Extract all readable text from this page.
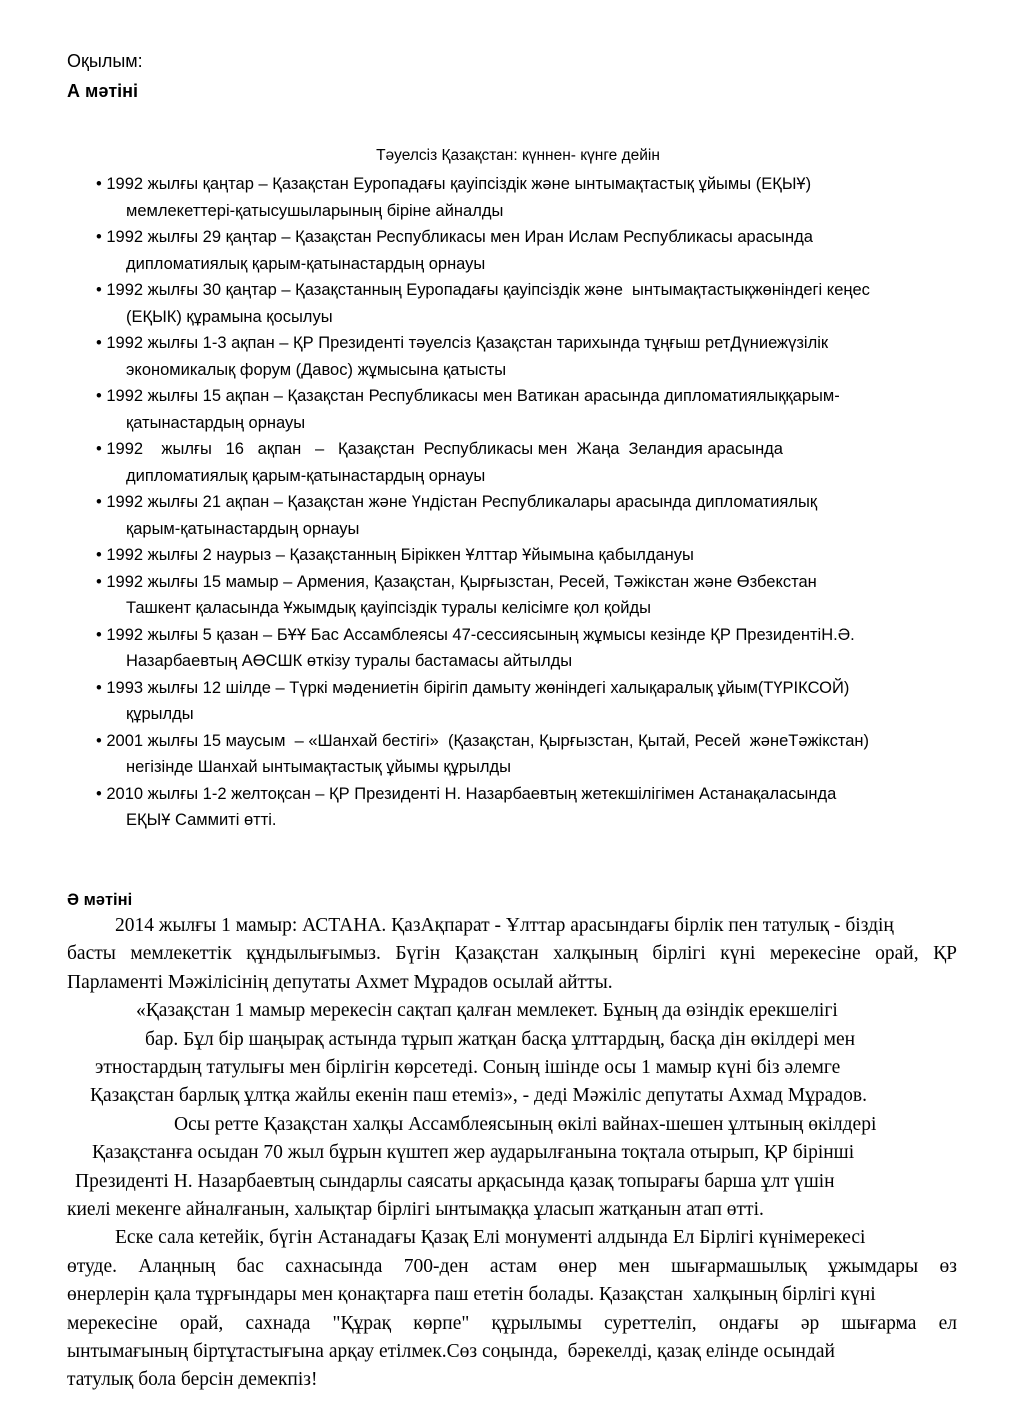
Оқылым:
А мәтіні
Тәуелсіз Қазақстан: күннен- күнге дейін
• 1992 жылғы қаңтар – Қазақстан Еуропадағы қауіпсіздік және ынтымақтастық ұйымы (ЕҚЫҰ)
мемлекеттері-қатысушыларының біріне айналды
• 1992 жылғы 29 қаңтар – Қазақстан Республикасы мен Иран Ислам Республикасы арасында
дипломатиялық қарым-қатынастардың орнауы
• 1992 жылғы 30 қаңтар – Қазақстанның Еуропадағы қауіпсіздік және  ынтымақтастықжөніндегі кеңес
(ЕҚЫК) құрамына қосылуы
• 1992 жылғы 1-3 ақпан – ҚР Президенті тәуелсіз Қазақстан тарихында тұңғыш ретДүниежүзілік
экономикалық форум (Давос) жұмысына қатысты
• 1992 жылғы 15 ақпан – Қазақстан Республикасы мен Ватикан арасында дипломатиялыққарым-
қатынастардың орнауы
• 1992    жылғы   16   ақпан   –   Қазақстан  Республикасы мен  Жаңа  Зеландия арасында
дипломатиялық қарым-қатынастардың орнауы
• 1992 жылғы 21 ақпан – Қазақстан және Үндістан Республикалары арасында дипломатиялық
қарым-қатынастардың орнауы
• 1992 жылғы 2 наурыз – Қазақстанның Біріккен Ұлттар Ұйымына қабылдануы
• 1992 жылғы 15 мамыр – Армения, Қазақстан, Қырғызстан, Ресей, Тәжікстан және Өзбекстан
Ташкент қаласында Ұжымдық қауіпсіздік туралы келісімге қол қойды
• 1992 жылғы 5 қазан – БҰҰ Бас Ассамблеясы 47-сессиясының жұмысы кезінде ҚР ПрезидентіН.Ә.
Назарбаевтың АӨСШК өткізу туралы бастамасы айтылды
• 1993 жылғы 12 шілде – Түркі мәдениетін бірігіп дамыту жөніндегі халықаралық ұйым(ТҮРІКСОЙ)
құрылды
• 2001 жылғы 15 маусым  – «Шанхай бестігі»  (Қазақстан, Қырғызстан, Қытай, Ресей  жәнеТәжікстан)
негізінде Шанхай ынтымақтастық ұйымы құрылды
• 2010 жылғы 1-2 желтоқсан – ҚР Президенті Н. Назарбаевтың жетекшілігімен Астанақаласында
ЕҚЫҰ Саммиті өтті.
Ә мәтіні
2014 жылғы 1 мамыр: АСТАНА. ҚазАқпарат - Ұлттар арасындағы бірлік пен татулық - біздің
басты мемлекеттік құндылығымыз. Бүгін Қазақстан халқының бірлігі күні мерекесіне орай, ҚР
Парламенті Мәжілісінің депутаты Ахмет Мұрадов осылай айтты.
«Қазақстан 1 мамыр мерекесін сақтап қалған мемлекет. Бұның да өзіндік ерекшелігі
бар. Бұл бір шаңырақ астында тұрып жатқан басқа ұлттардың, басқа дін өкілдері мен
этностардың татулығы мен бірлігін көрсетеді. Соның ішінде осы 1 мамыр күні біз әлемге
Қазақстан барлық ұлтқа жайлы екенін паш етеміз», - деді Мәжіліс депутаты Ахмад Мұрадов.
Осы ретте Қазақстан халқы Ассамблеясының өкілі вайнах-шешен ұлтының өкілдері
Қазақстанға осыдан 70 жыл бұрын күштеп жер аударылғанына тоқтала отырып, ҚР бірінші
Президенті Н. Назарбаевтың сындарлы саясаты арқасында қазақ топырағы барша ұлт үшін
киелі мекенге айналғанын, халықтар бірлігі ынтымаққа ұласып жатқанын атап өтті.
Еске сала кетейік, бүгін Астанадағы Қазақ Елі монументі алдында Ел Бірлігі күнімерекесі
өтуде. Алаңның бас сахнасында 700-ден астам өнер мен шығармашылық ұжымдары өз
өнерлерін қала тұрғындары мен қонақтарға паш ететін болады. Қазақстан  халқының бірлігі күні
мерекесіне орай, сахнада "Құрақ көрпе" құрылымы суреттеліп, ондағы әр шығарма ел
ынтымағының біртұтастығына арқау етілмек.Сөз соңында,  бәрекелді, қазақ елінде осындай
татулық бола берсін демекпіз!
